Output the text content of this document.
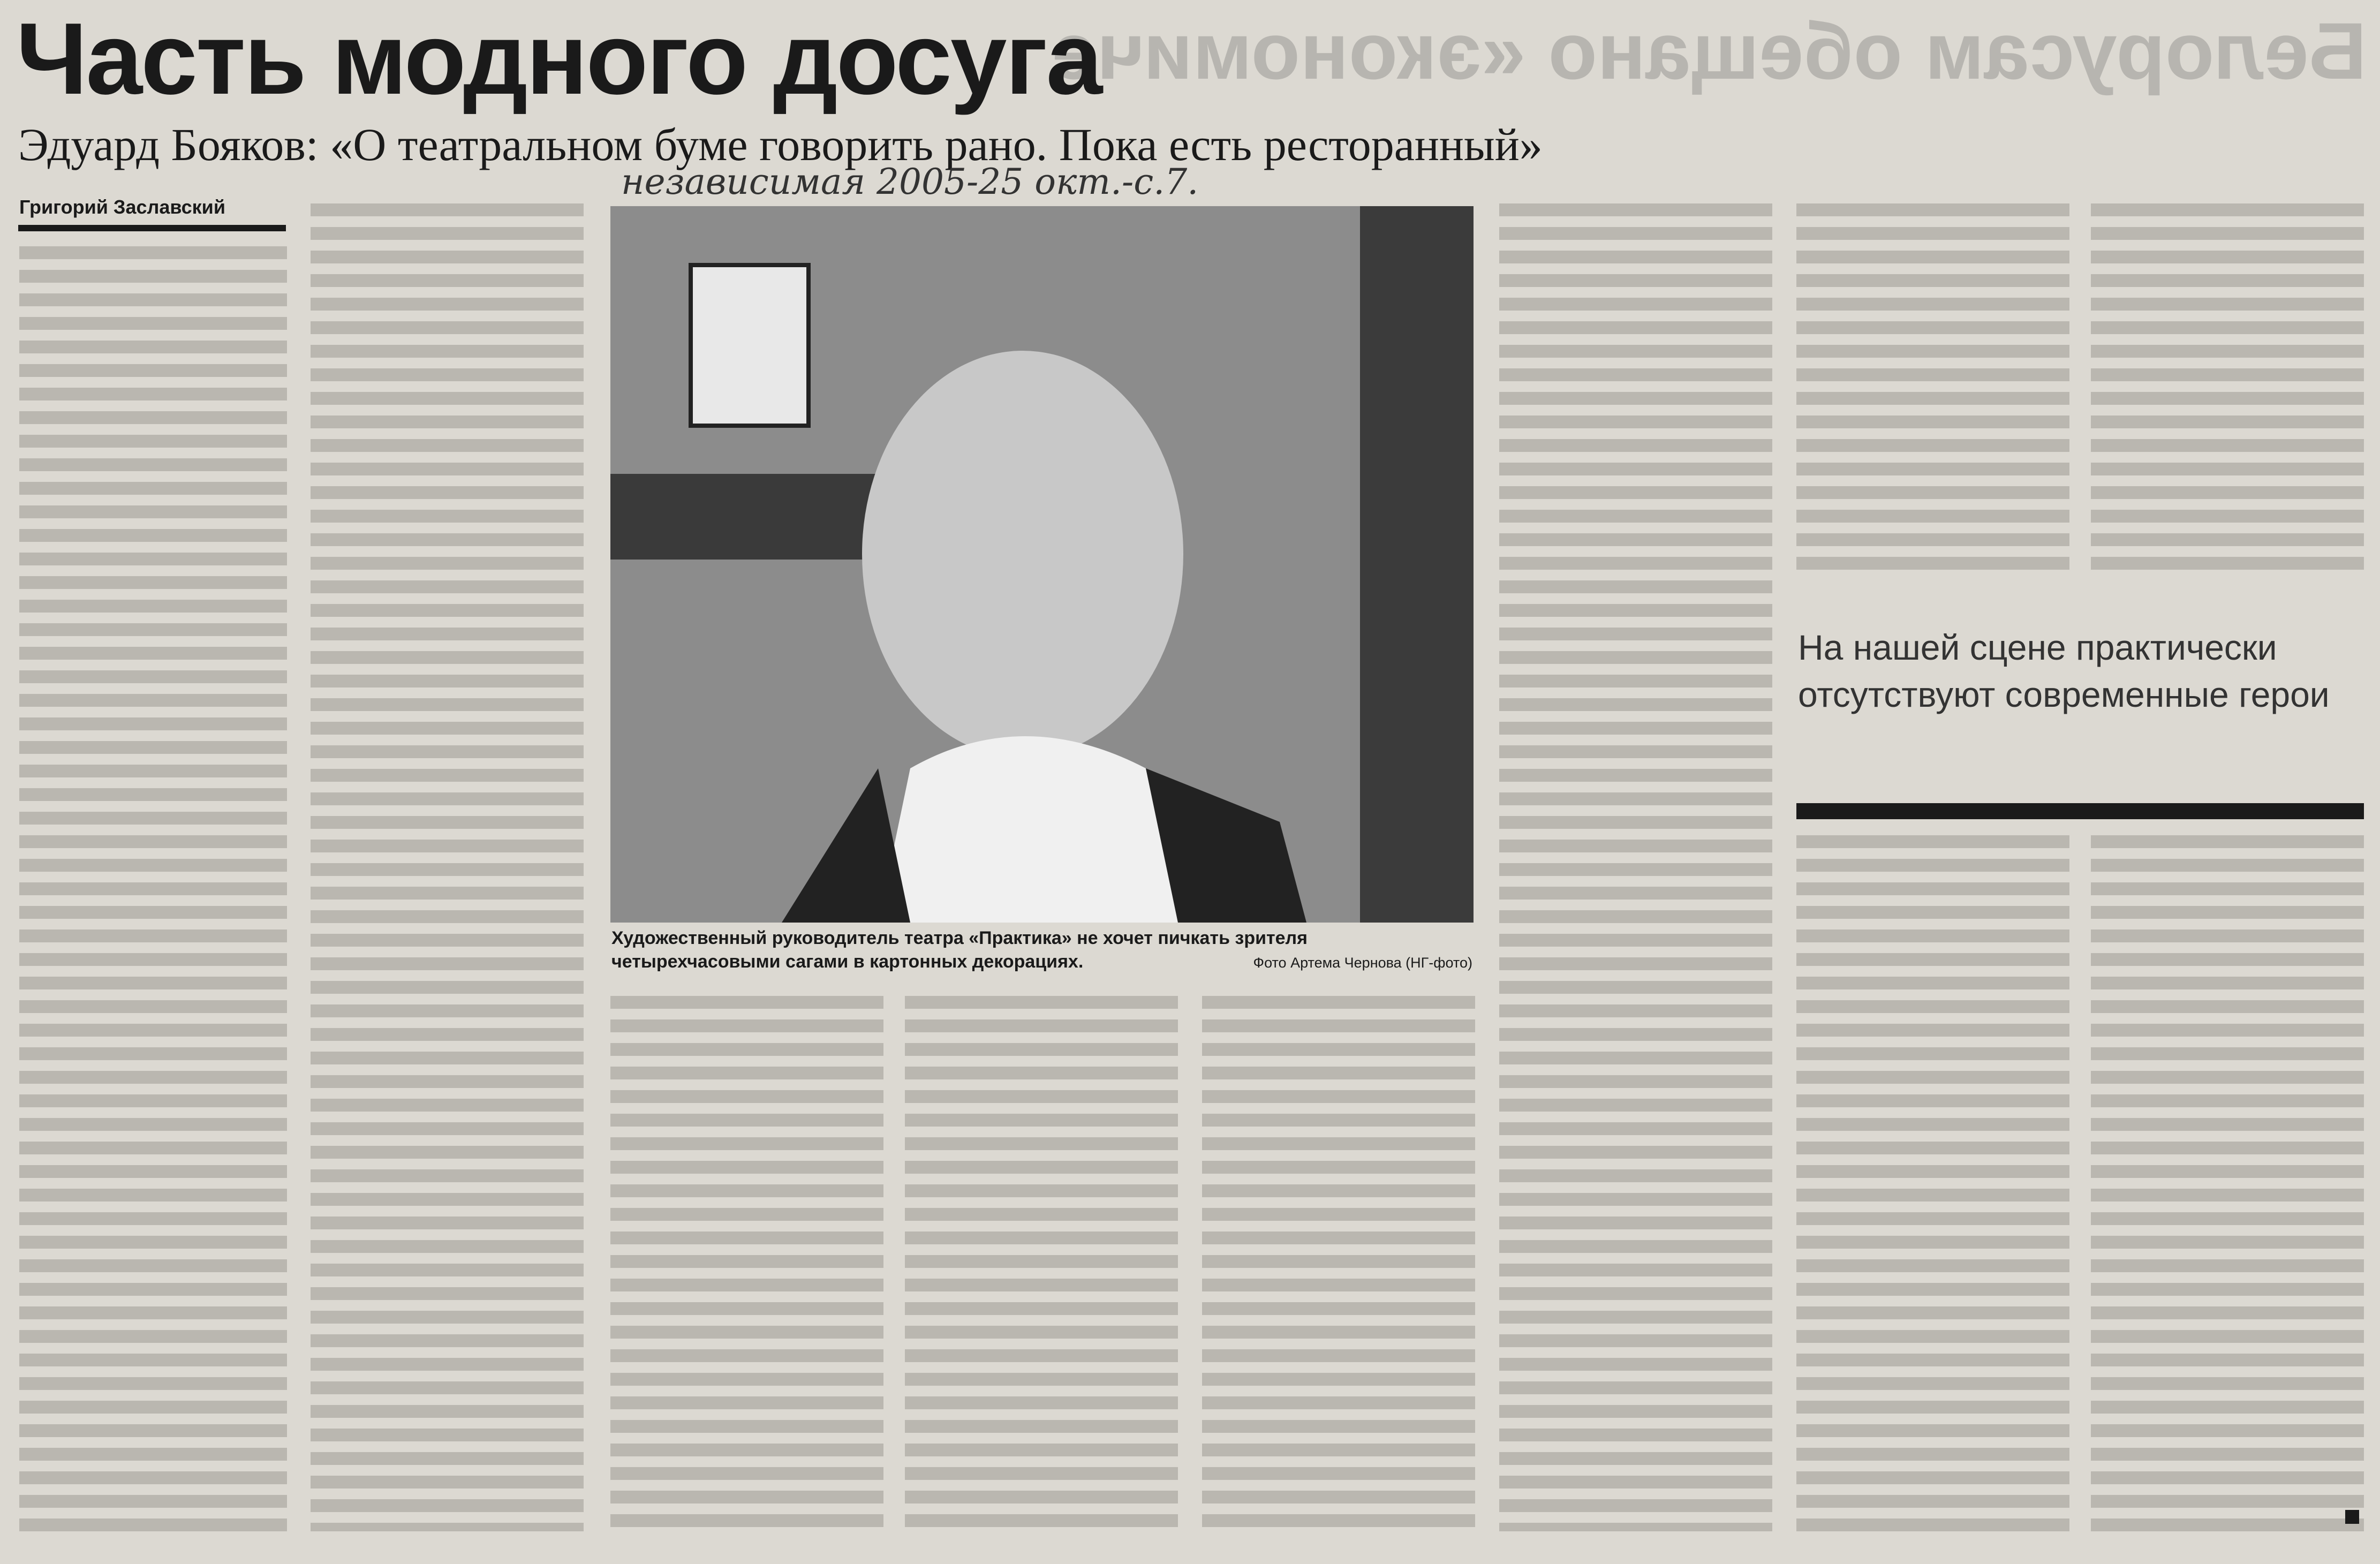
Белорусам обещано «экономиче
Часть модного досуга
Эдуард Бояков: «О театральном буме говорить рано. Пока есть ресторанный»
независимая 2005-25 окт.-с.7.
Григорий Заславский
Художественный руководитель театра «Практика» не хочет пичкать зрителя четырехчасовыми сагами в картонных декорациях.	Фото Артема Чернова (НГ-фото)
На нашей сцене практически отсутствуют современные герои
